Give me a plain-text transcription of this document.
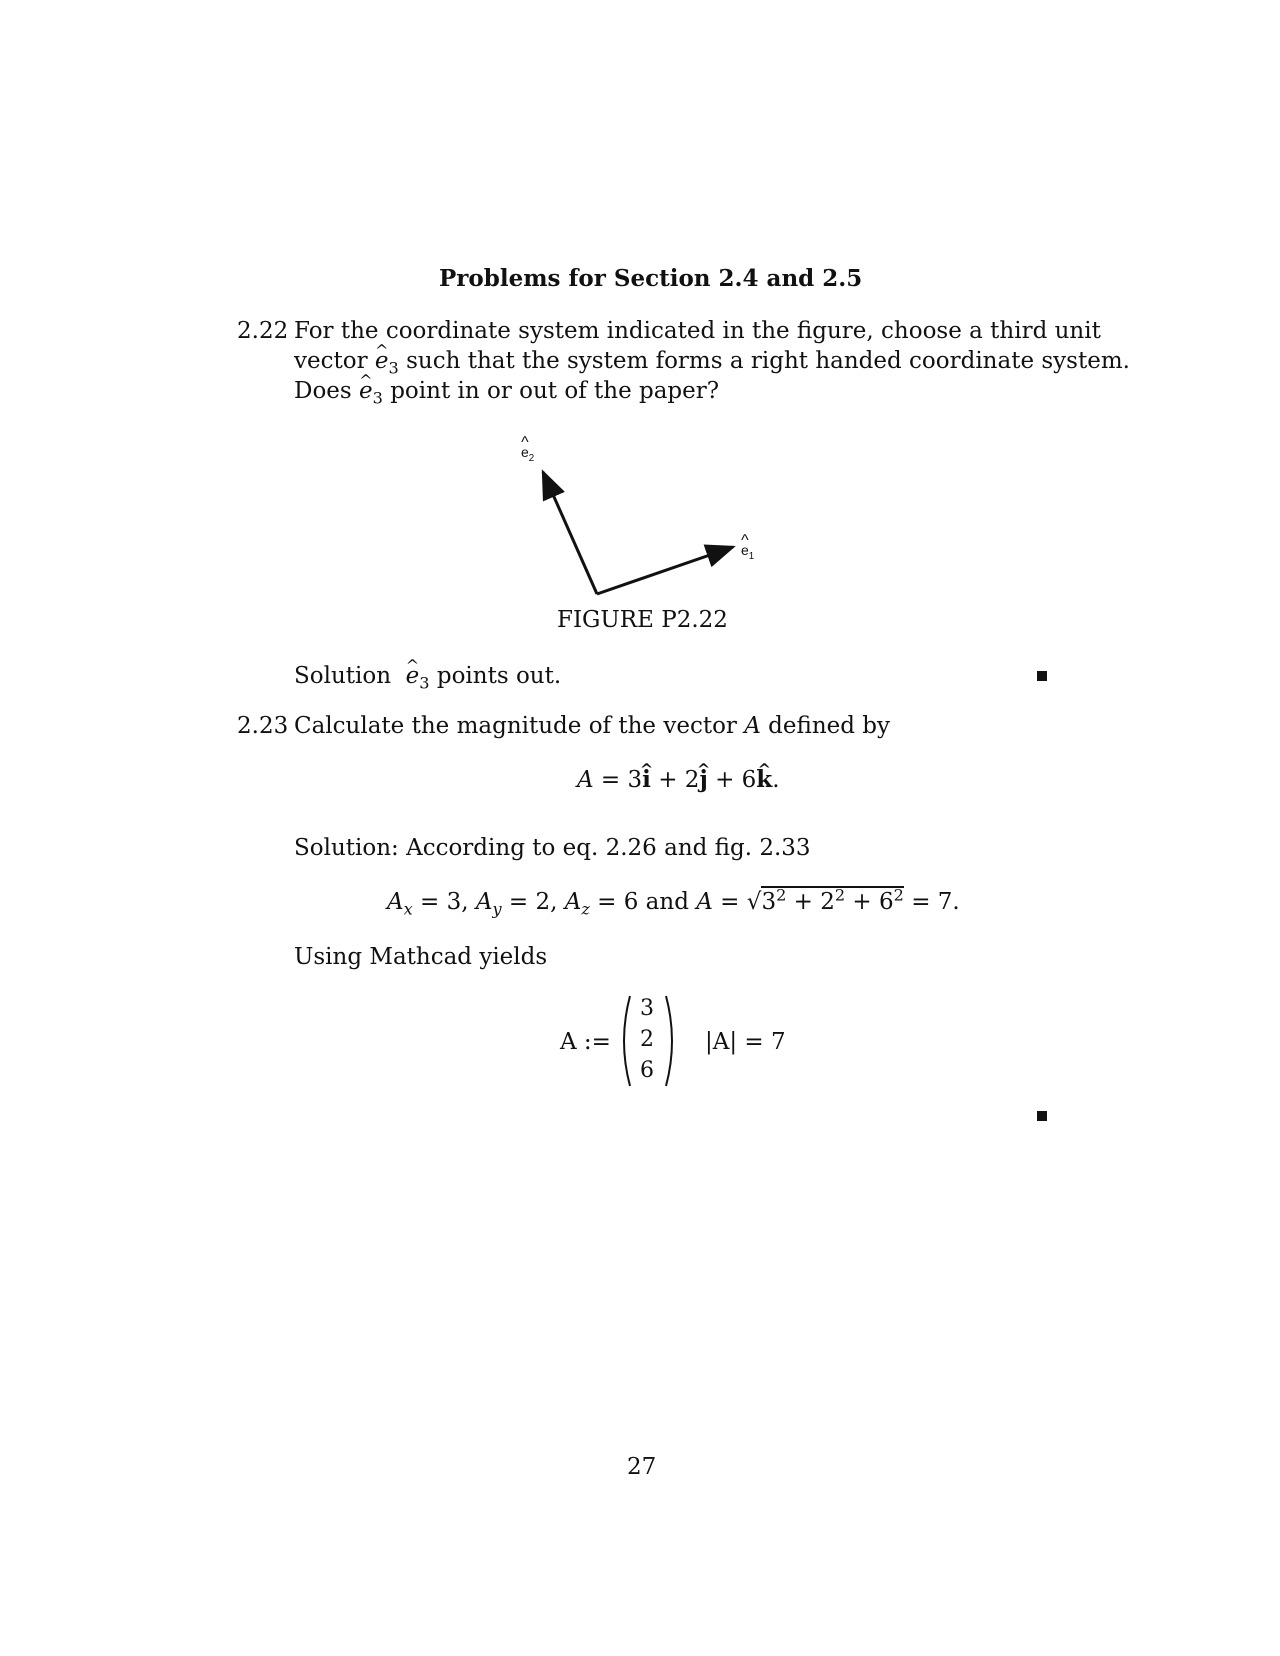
Problems for Section 2.4 and 2.5
2.22 For the coordinate system indicated in the figure, choose a third unit
vector ^ $e_3$ such that the system forms a right handed coordinate system.
Does ^ $e_3$ point in or out of the paper?
^ $e_2$
^ $e_1$
FIGURE P2.22
Solution  ^ $e_3$ points out.
2.23 Calculate the magnitude of the vector A defined by
A = 3^ i + 2^ j + 6^ k.
Solution: According to eq. 2.26 and fig. 2.33
$A_x = 3$, $A_y = 2$, $A_z = 6$ and $A = √3^2 + 2^2 + 6^2 = 7$.
Using Mathcad yields
A :=
3
2
6
|A| = 7
27
